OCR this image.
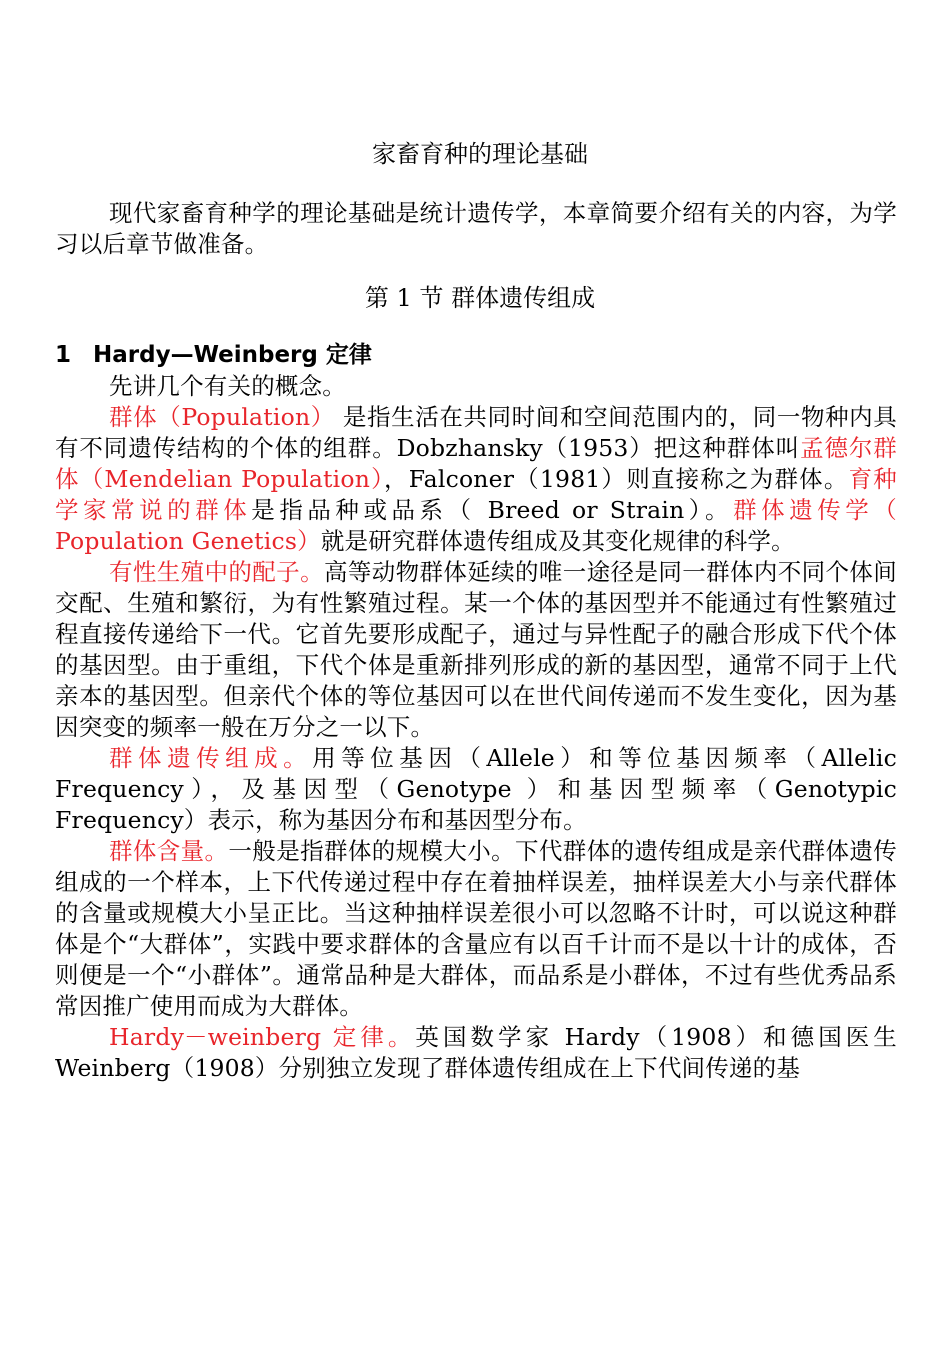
家畜育种的理论基础

现代家畜育种学的理论基础是统计遗传学，本章简要介绍有关的内容，为学习以后章节做准备。

第 1 节 群体遗传组成
1 Hardy—Weinberg 定律

先讲几个有关的概念。

群体（Population） 是指生活在共同时间和空间范围内的，同一物种内具有不同遗传结构的个体的组群。Dobzhansky（1953）把这种群体叫孟德尔群体（Mendelian Population），Falconer（1981）则直接称之为群体。育种学家常说的群体是指品种或品系（ Breed or Strain）。群体遗传学（ Population Genetics）就是研究群体遗传组成及其变化规律的科学。

有性生殖中的配子。高等动物群体延续的唯一途径是同一群体内不同个体间交配、生殖和繁衍，为有性繁殖过程。某一个体的基因型并不能通过有性繁殖过程直接传递给下一代。它首先要形成配子，通过与异性配子的融合形成下代个体的基因型。由于重组，下代个体是重新排列形成的新的基因型，通常不同于上代亲本的基因型。但亲代个体的等位基因可以在世代间传递而不发生变化，因为基因突变的频率一般在万分之一以下。

群体遗传组成。用等位基因（Allele）和等位基因频率（Allelic Frequency），及基因型（Genotype ）和基因型频率（Genotypic Frequency）表示，称为基因分布和基因型分布。

群体含量。一般是指群体的规模大小。下代群体的遗传组成是亲代群体遗传组成的一个样本，上下代传递过程中存在着抽样误差，抽样误差大小与亲代群体的含量或规模大小呈正比。当这种抽样误差很小可以忽略不计时，可以说这种群体是个“大群体”，实践中要求群体的含量应有以百千计而不是以十计的成体，否则便是一个“小群体”。通常品种是大群体，而品系是小群体，不过有些优秀品系常因推广使用而成为大群体。

Hardy－weinberg 定律。英国数学家 Hardy（1908）和德国医生 Weinberg（1908）分别独立发现了群体遗传组成在上下代间传递的基
